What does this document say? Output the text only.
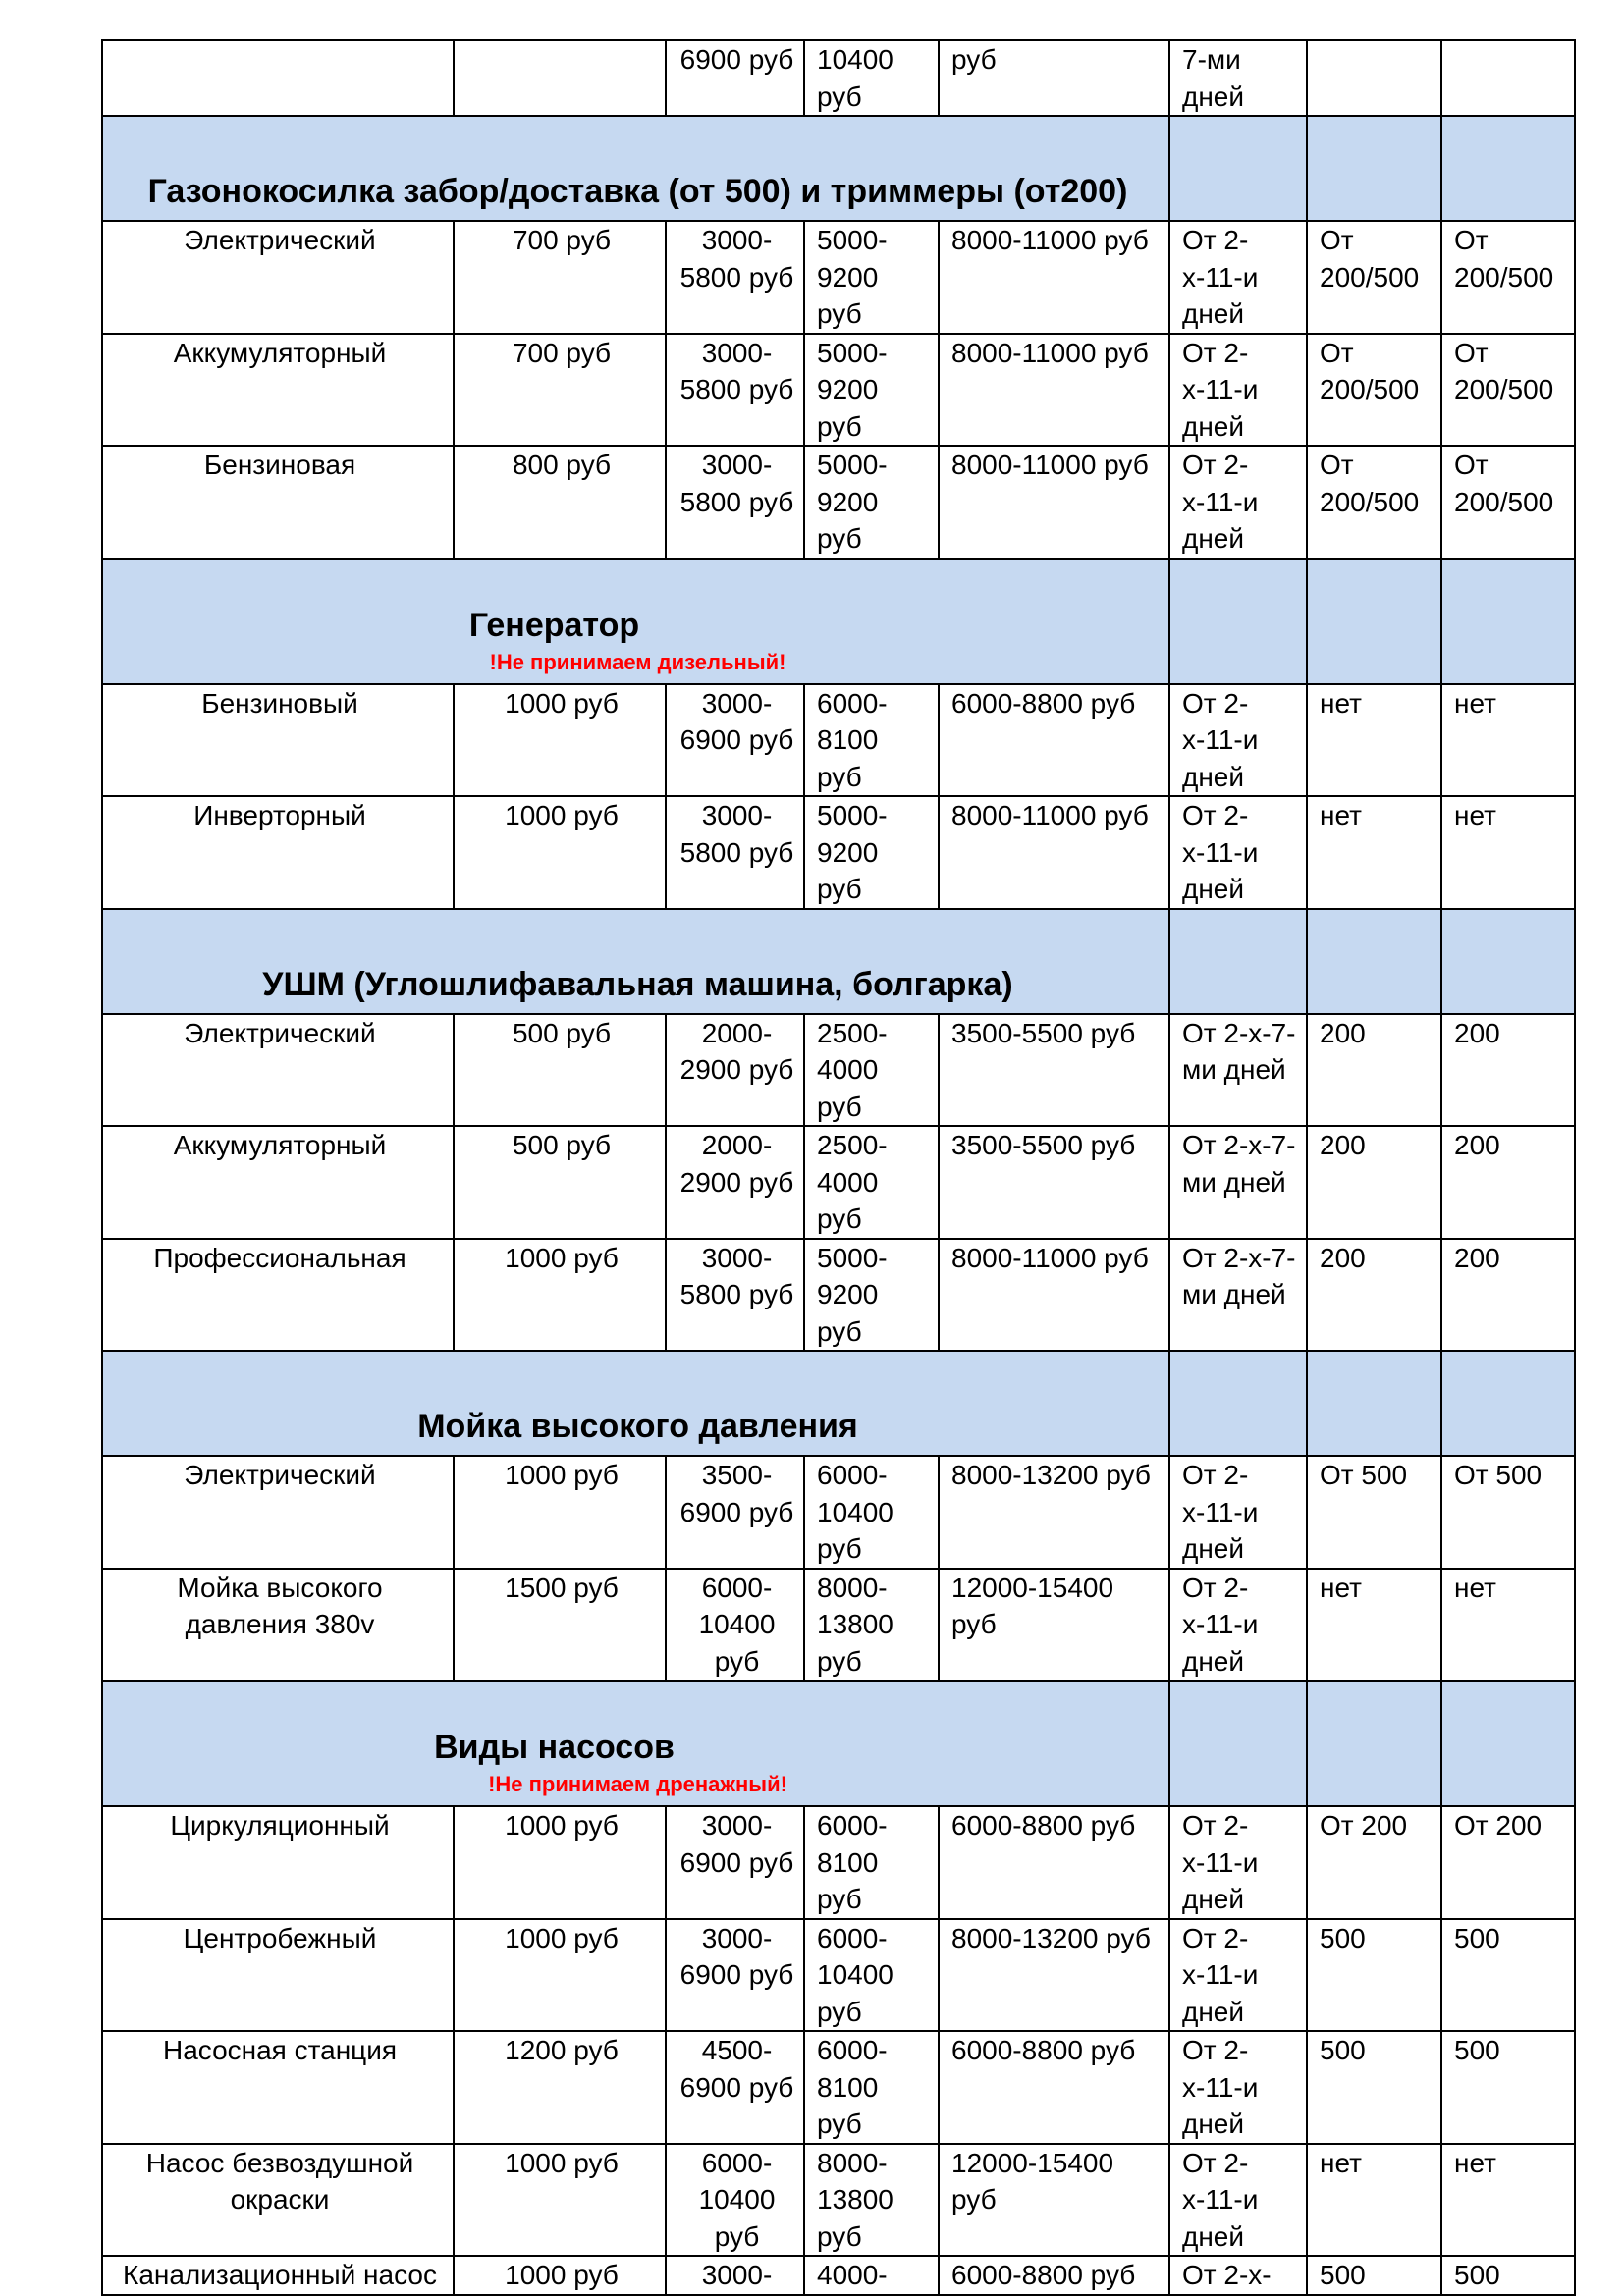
		6900 руб	10400 руб	руб	7-ми дней		

Газонокосилка забор/доставка (от 500) и триммеры (от200)							

Электрический	700 руб	3000-5800 руб	5000-9200 руб	8000-11000 руб	От 2-х-11-и дней	От 200/500	От 200/500
Аккумуляторный	700 руб	3000-5800 руб	5000-9200 руб	8000-11000 руб	От 2-х-11-и дней	От 200/500	От 200/500
Бензиновая	800 руб	3000-5800 руб	5000-9200 руб	8000-11000 руб	От 2-х-11-и дней	От 200/500	От 200/500

Генератор
!Не принимаем дизельный!							

Бензиновый	1000 руб	3000-6900 руб	6000-8100 руб	6000-8800 руб	От 2-х-11-и дней	нет	нет
Инверторный	1000 руб	3000-5800 руб	5000-9200 руб	8000-11000 руб	От 2-х-11-и дней	нет	нет

УШМ (Углошлифавальная машина, болгарка)							

Электрический	500 руб	2000-2900 руб	2500-4000 руб	3500-5500 руб	От 2-х-7-ми дней	200	200
Аккумуляторный	500 руб	2000-2900 руб	2500-4000 руб	3500-5500 руб	От 2-х-7-ми дней	200	200
Профессиональная	1000 руб	3000-5800 руб	5000-9200 руб	8000-11000 руб	От 2-х-7-ми дней	200	200

Мойка высокого давления							

Электрический	1000 руб	3500-6900 руб	6000-10400 руб	8000-13200 руб	От 2-х-11-и дней	От 500	От 500
Мойка высокого давления 380v	1500 руб	6000-10400 руб	8000-13800 руб	12000-15400 руб	От 2-х-11-и дней	нет	нет

Виды насосов
!Не принимаем дренажный!							

Циркуляционный	1000 руб	3000-6900 руб	6000-8100 руб	6000-8800 руб	От 2-х-11-и дней	От 200	От 200
Центробежный	1000 руб	3000-6900 руб	6000-10400 руб	8000-13200 руб	От 2-х-11-и дней	500	500
Насосная станция	1200 руб	4500-6900 руб	6000-8100 руб	6000-8800 руб	От 2-х-11-и дней	500	500
Насос безвоздушной окраски	1000 руб	6000-10400 руб	8000-13800 руб	12000-15400 руб	От 2-х-11-и дней	нет	нет
Канализационный насос	1000 руб	3000-	4000-	6000-8800 руб	От 2-х-	500	500
